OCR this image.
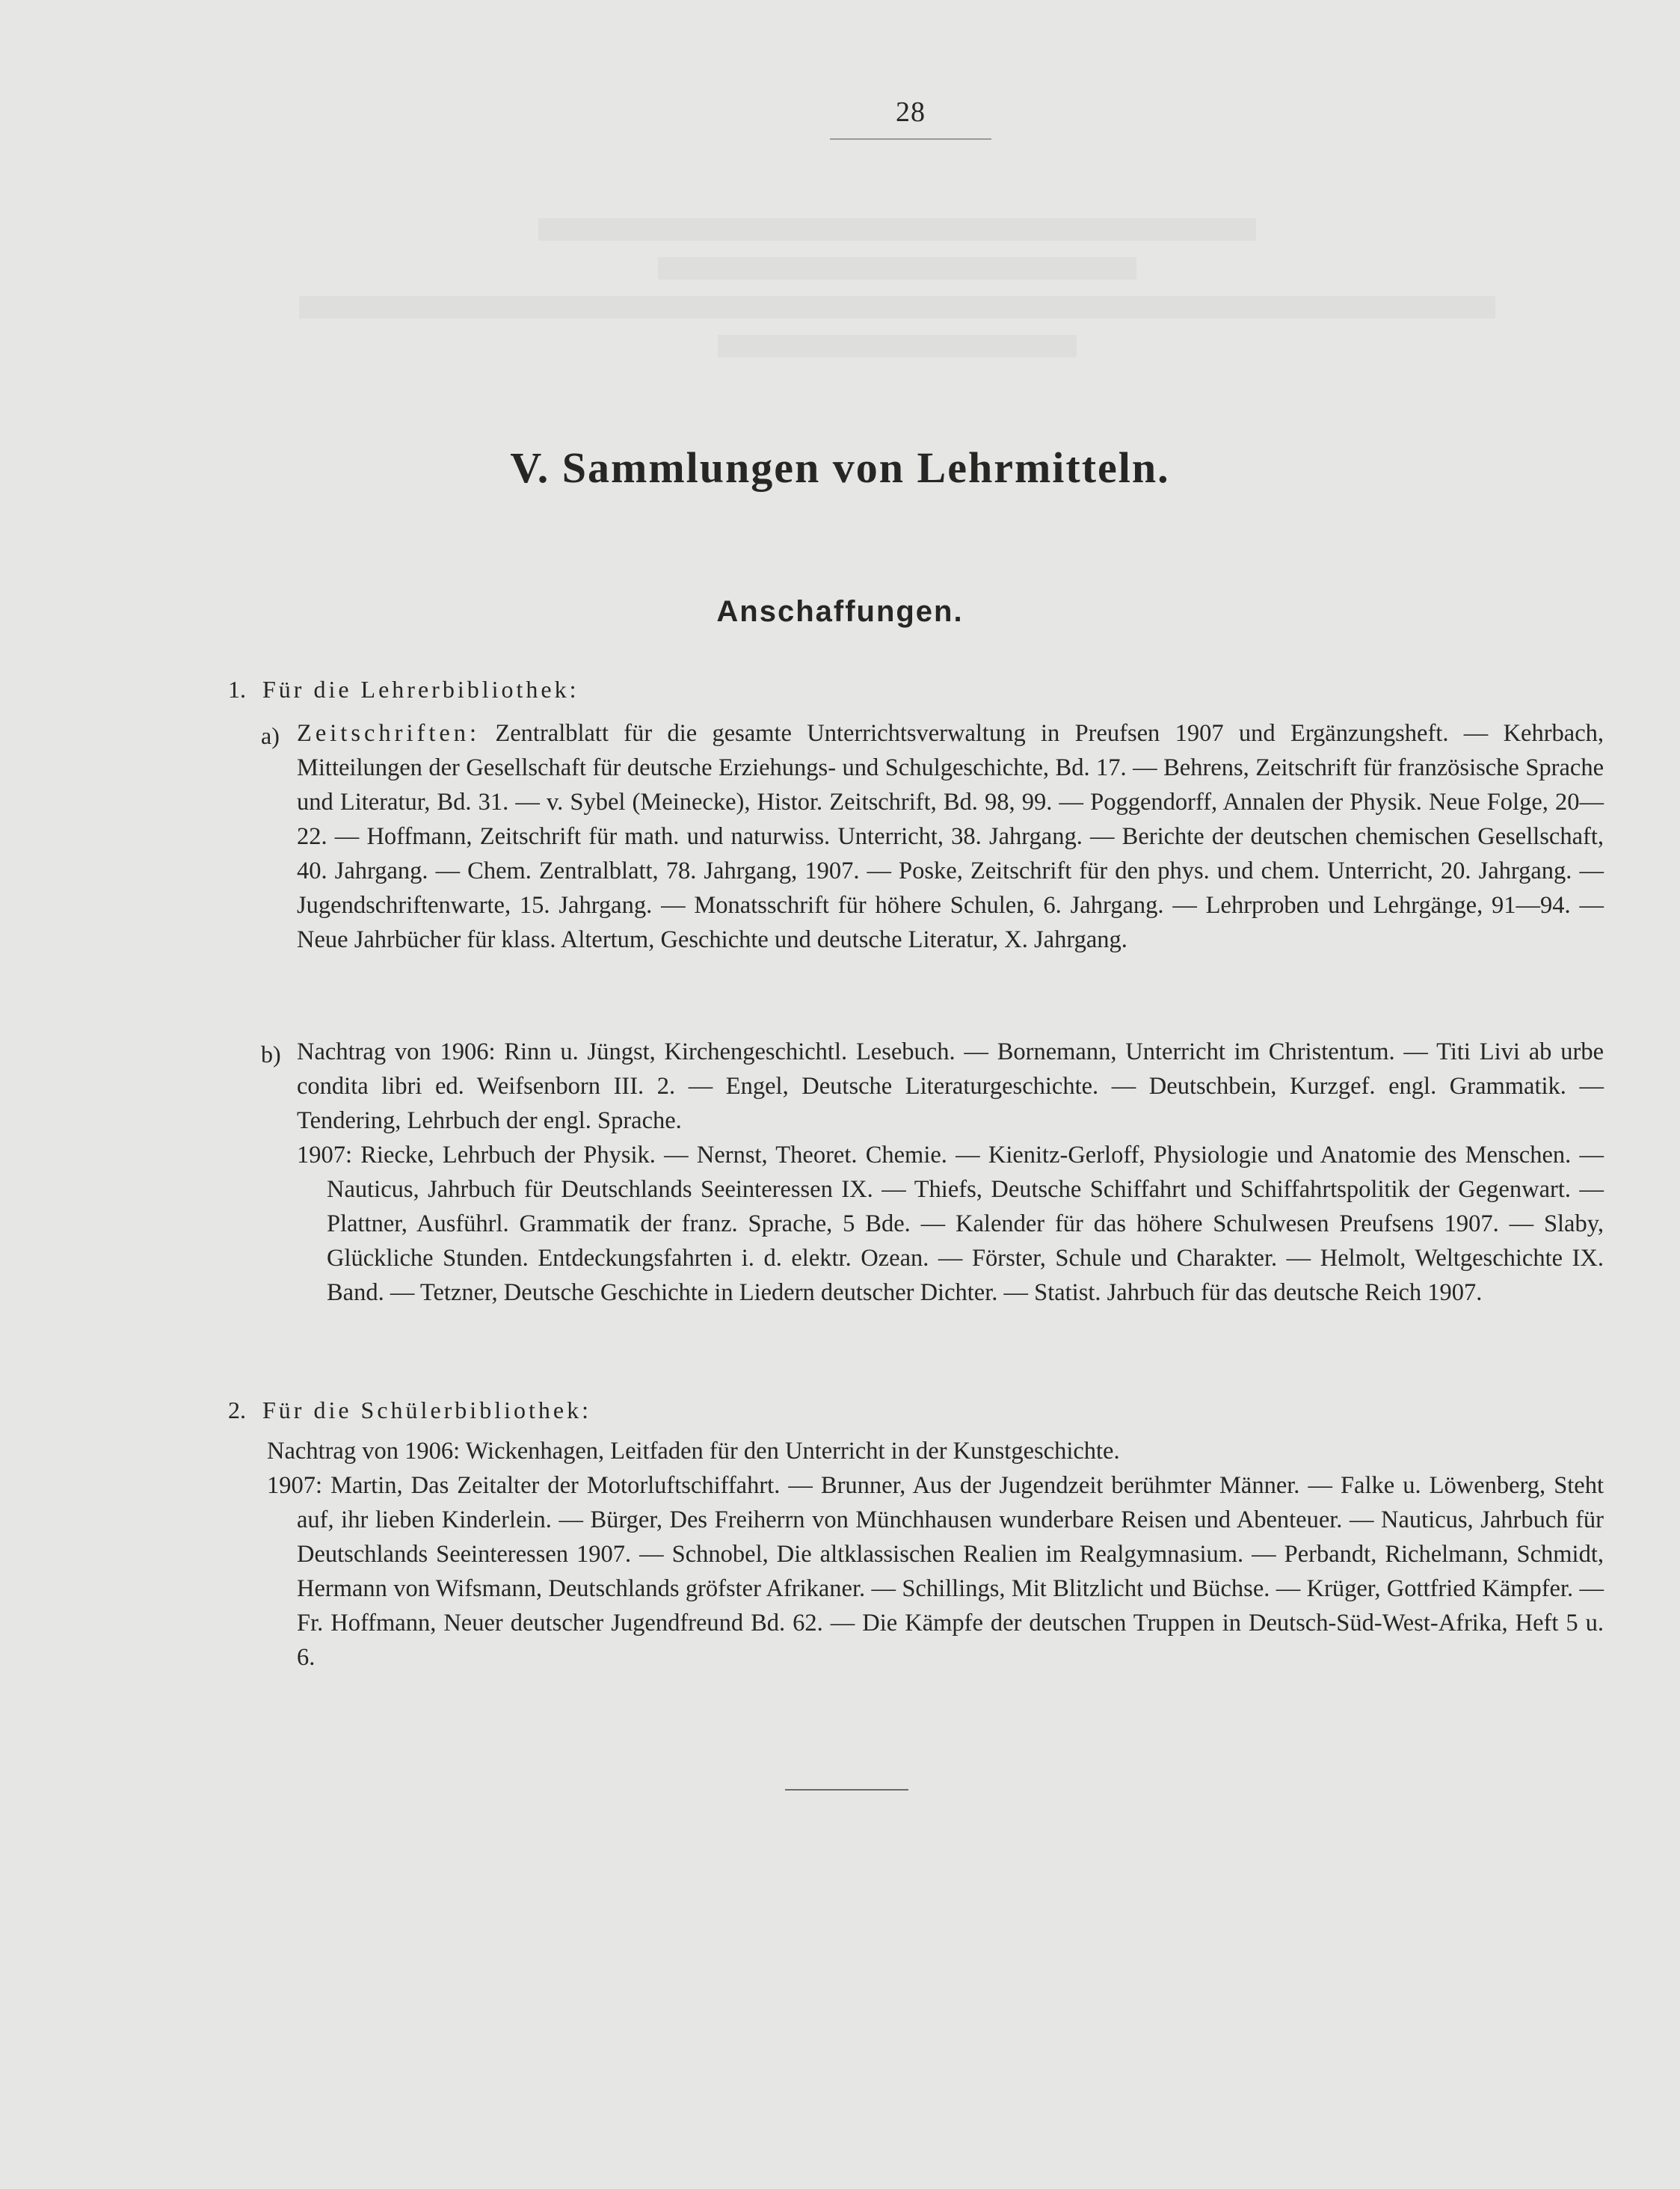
28
V. Sammlungen von Lehrmitteln.
Anschaffungen.
1. Für die Lehrerbibliothek:
a) Zeitschriften: Zentralblatt für die gesamte Unterrichtsverwaltung in Preufsen 1907 und Ergänzungsheft. — Kehrbach, Mitteilungen der Gesellschaft für deutsche Erziehungs- und Schulgeschichte, Bd. 17. — Behrens, Zeitschrift für französische Sprache und Literatur, Bd. 31. — v. Sybel (Meinecke), Histor. Zeitschrift, Bd. 98, 99. — Poggendorff, Annalen der Physik. Neue Folge, 20—22. — Hoffmann, Zeitschrift für math. und naturwiss. Unterricht, 38. Jahrgang. — Berichte der deutschen chemischen Gesellschaft, 40. Jahrgang. — Chem. Zentralblatt, 78. Jahrgang, 1907. — Poske, Zeitschrift für den phys. und chem. Unterricht, 20. Jahrgang. — Jugendschriftenwarte, 15. Jahrgang. — Monatsschrift für höhere Schulen, 6. Jahrgang. — Lehrproben und Lehrgänge, 91—94. — Neue Jahrbücher für klass. Altertum, Geschichte und deutsche Literatur, X. Jahrgang.

b) Nachtrag von 1906: Rinn u. Jüngst, Kirchengeschichtl. Lesebuch. — Bornemann, Unterricht im Christentum. — Titi Livi ab urbe condita libri ed. Weifsenborn III. 2. — Engel, Deutsche Literaturgeschichte. — Deutschbein, Kurzgef. engl. Grammatik. — Tendering, Lehrbuch der engl. Sprache.

1907: Riecke, Lehrbuch der Physik. — Nernst, Theoret. Chemie. — Kienitz-Gerloff, Physiologie und Anatomie des Menschen. — Nauticus, Jahrbuch für Deutschlands Seeinteressen IX. — Thiefs, Deutsche Schiffahrt und Schiffahrtspolitik der Gegenwart. — Plattner, Ausführl. Grammatik der franz. Sprache, 5 Bde. — Kalender für das höhere Schulwesen Preufsens 1907. — Slaby, Glückliche Stunden. Entdeckungsfahrten i. d. elektr. Ozean. — Förster, Schule und Charakter. — Helmolt, Weltgeschichte IX. Band. — Tetzner, Deutsche Geschichte in Liedern deutscher Dichter. — Statist. Jahrbuch für das deutsche Reich 1907.

2. Für die Schülerbibliothek:

Nachtrag von 1906: Wickenhagen, Leitfaden für den Unterricht in der Kunstgeschichte.

1907: Martin, Das Zeitalter der Motorluftschiffahrt. — Brunner, Aus der Jugendzeit berühmter Männer. — Falke u. Löwenberg, Steht auf, ihr lieben Kinderlein. — Bürger, Des Freiherrn von Münchhausen wunderbare Reisen und Abenteuer. — Nauticus, Jahrbuch für Deutschlands Seeinteressen 1907. — Schnobel, Die altklassischen Realien im Realgymnasium. — Perbandt, Richelmann, Schmidt, Hermann von Wifsmann, Deutschlands gröfster Afrikaner. — Schillings, Mit Blitzlicht und Büchse. — Krüger, Gottfried Kämpfer. — Fr. Hoffmann, Neuer deutscher Jugendfreund Bd. 62. — Die Kämpfe der deutschen Truppen in Deutsch-Süd-West-Afrika, Heft 5 u. 6.
